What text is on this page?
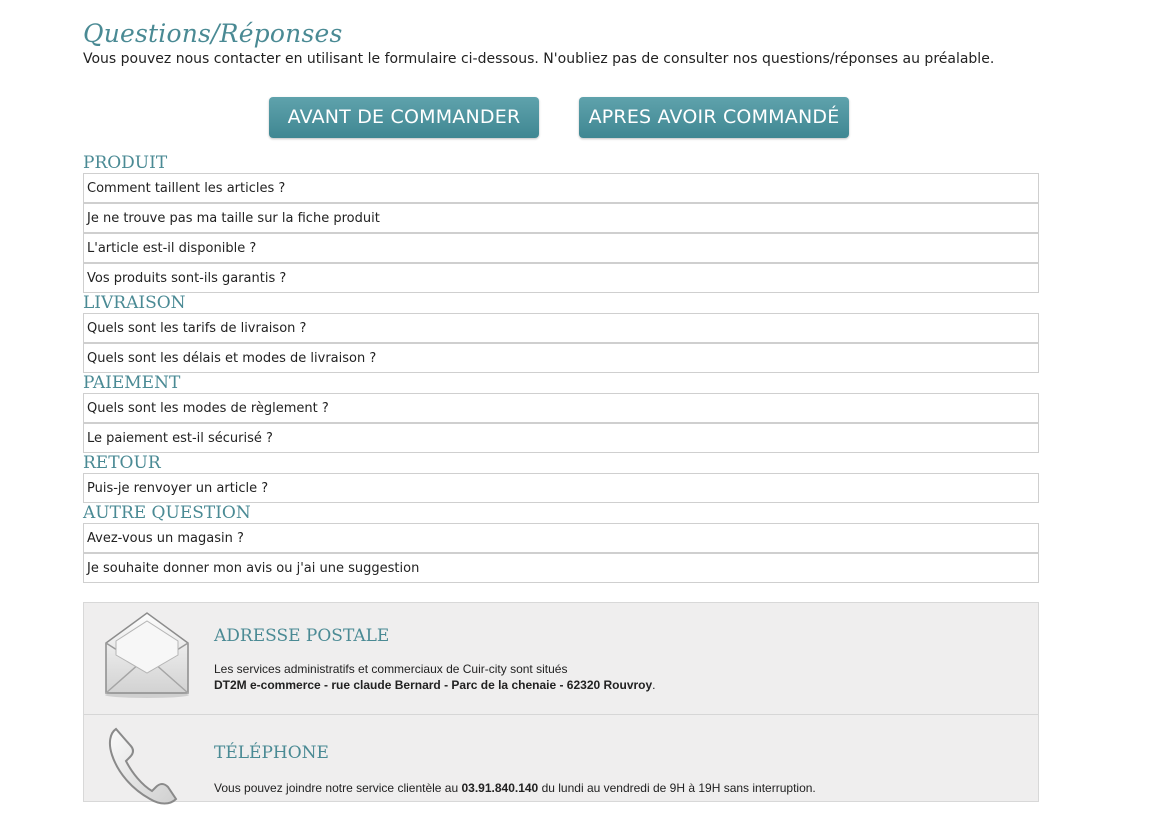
Questions/Réponses
Vous pouvez nous contacter en utilisant le formulaire ci-dessous. N'oubliez pas de consulter nos questions/réponses au préalable.
AVANT DE COMMANDER	APRES AVOIR COMMANDÉ
PRODUIT
Comment taillent les articles ?
Je ne trouve pas ma taille sur la fiche produit
L'article est-il disponible ?
Vos produits sont-ils garantis ?
LIVRAISON
Quels sont les tarifs de livraison ?
Quels sont les délais et modes de livraison ?
PAIEMENT
Quels sont les modes de règlement ?
Le paiement est-il sécurisé ?
RETOUR
Puis-je renvoyer un article ?
AUTRE QUESTION
Avez-vous un magasin ?
Je souhaite donner mon avis ou j'ai une suggestion
ADRESSE POSTALE
Les services administratifs et commerciaux de Cuir-city sont situés
DT2M e-commerce - rue claude Bernard - Parc de la chenaie - 62320 Rouvroy.
TÉLÉPHONE
Vous pouvez joindre notre service clientèle au 03.91.840.140 du lundi au vendredi de 9H à 19H sans interruption.
